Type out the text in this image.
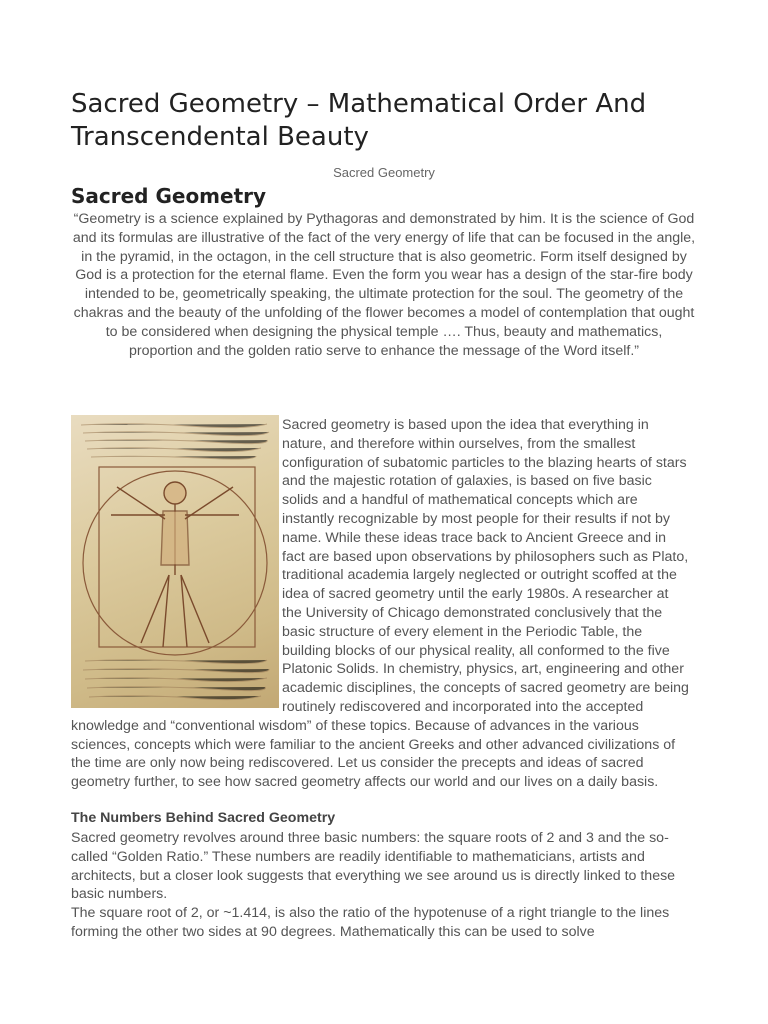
Sacred Geometry – Mathematical Order And Transcendental Beauty
Sacred Geometry
Sacred Geometry

“Geometry is a science explained by Pythagoras and demonstrated by him. It is the science of God and its formulas are illustrative of the fact of the very energy of life that can be focused in the angle, in the pyramid, in the octagon, in the cell structure that is also geometric. Form itself designed by God is a protection for the eternal flame. Even the form you wear has a design of the star-fire body intended to be, geometrically speaking, the ultimate protection for the soul. The geometry of the chakras and the beauty of the unfolding of the flower becomes a model of contemplation that ought to be considered when designing the physical temple …. Thus, beauty and mathematics, proportion and the golden ratio serve to enhance the message of the Word itself.”

Sacred geometry is based upon the idea that everything in nature, and therefore within ourselves, from the smallest configuration of subatomic particles to the blazing hearts of stars and the majestic rotation of galaxies, is based on five basic solids and a handful of mathematical concepts which are instantly recognizable by most people for their results if not by name. While these ideas trace back to Ancient Greece and in fact are based upon observations by philosophers such as Plato, traditional academia largely neglected or outright scoffed at the idea of sacred geometry until the early 1980s. A researcher at the University of Chicago demonstrated conclusively that the basic structure of every element in the Periodic Table, the building blocks of our physical reality, all conformed to the five Platonic Solids. In chemistry, physics, art, engineering and other academic disciplines, the concepts of sacred geometry are being routinely rediscovered and incorporated into the accepted knowledge and “conventional wisdom” of these topics. Because of advances in the various sciences, concepts which were familiar to the ancient Greeks and other advanced civilizations of the time are only now being rediscovered. Let us consider the precepts and ideas of sacred geometry further, to see how sacred geometry affects our world and our lives on a daily basis.

The Numbers Behind Sacred Geometry

Sacred geometry revolves around three basic numbers: the square roots of 2 and 3 and the so-called “Golden Ratio.” These numbers are readily identifiable to mathematicians, artists and architects, but a closer look suggests that everything we see around us is directly linked to these basic numbers.

The square root of 2, or ~1.414, is also the ratio of the hypotenuse of a right triangle to the lines forming the other two sides at 90 degrees. Mathematically this can be used to solve
